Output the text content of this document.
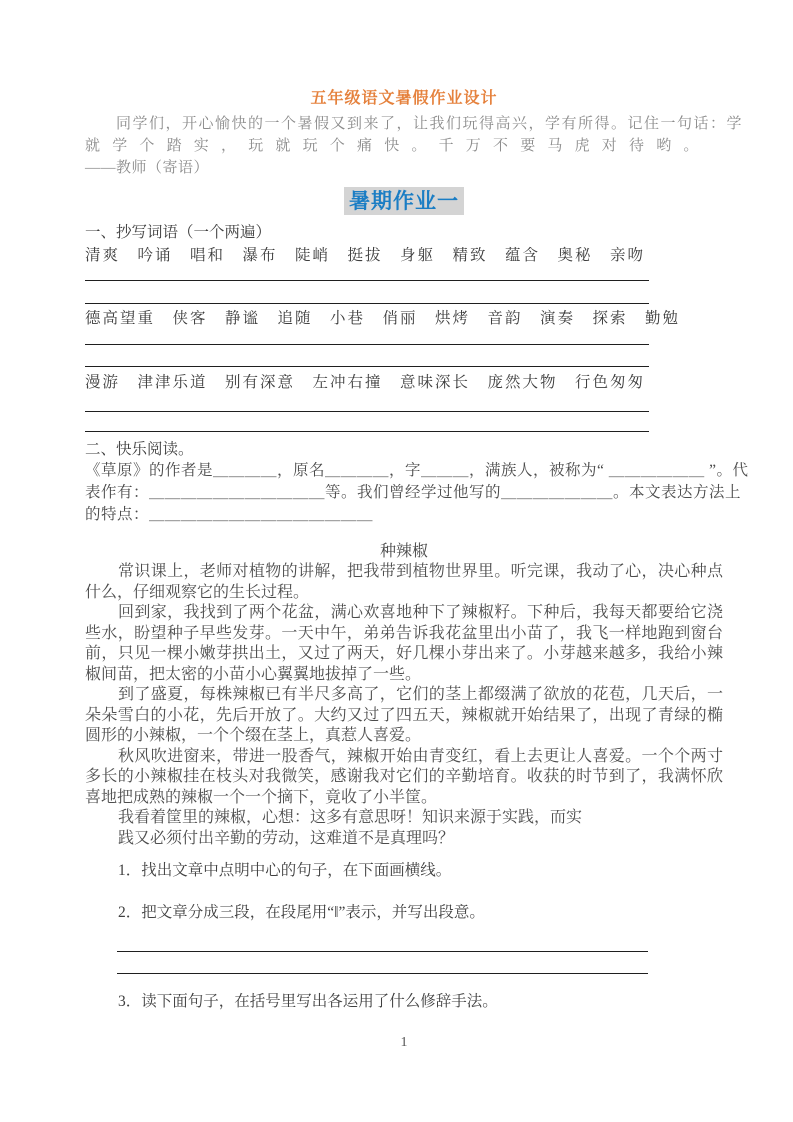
五年级语文暑假作业设计

同学们，开心愉快的一个暑假又到来了，让我们玩得高兴，学有所得。记住一句话：学

就学个踏实，玩就玩个痛快。千万不要马虎对待哟。

——教师（寄语）

暑期作业一

一、抄写词语（一个两遍）

清爽　吟诵　唱和　瀑布　陡峭　挺拔　身躯　精致　蕴含　奥秘　亲吻

德高望重　侠客　静谧　追随　小巷　俏丽　烘烤　音韵　演奏　探索　勤勉

漫游　津津乐道　别有深意　左冲右撞　意味深长　庞然大物　行色匆匆

二、快乐阅读。

《草原》的作者是＿＿＿＿，原名＿＿＿＿，字＿＿＿，满族人，被称为“ ＿＿＿＿＿＿ ”。代

表作有：＿＿＿＿＿＿＿＿＿＿＿等。我们曾经学过他写的＿＿＿＿＿＿＿。本文表达方法上

的特点：＿＿＿＿＿＿＿＿＿＿＿＿＿＿

种辣椒

常识课上，老师对植物的讲解，把我带到植物世界里。听完课，我动了心，决心种点什么，仔细观察它的生长过程。

回到家，我找到了两个花盆，满心欢喜地种下了辣椒籽。下种后，我每天都要给它浇些水，盼望种子早些发芽。一天中午，弟弟告诉我花盆里出小苗了，我飞一样地跑到窗台前，只见一棵小嫩芽拱出土，又过了两天，好几棵小芽出来了。小芽越来越多，我给小辣椒间苗，把太密的小苗小心翼翼地拔掉了一些。

到了盛夏，每株辣椒已有半尺多高了，它们的茎上都缀满了欲放的花苞，几天后，一朵朵雪白的小花，先后开放了。大约又过了四五天，辣椒就开始结果了，出现了青绿的椭圆形的小辣椒，一个个缀在茎上，真惹人喜爱。

秋风吹进窗来，带进一股香气，辣椒开始由青变红，看上去更让人喜爱。一个个两寸多长的小辣椒挂在枝头对我微笑，感谢我对它们的辛勤培育。收获的时节到了，我满怀欣喜地把成熟的辣椒一个一个摘下，竟收了小半筐。

我看着筐里的辣椒，心想：这多有意思呀！知识来源于实践，而实

践又必须付出辛勤的劳动，这难道不是真理吗？

1．找出文章中点明中心的句子，在下面画横线。

2．把文章分成三段，在段尾用“‖”表示，并写出段意。

3．读下面句子，在括号里写出各运用了什么修辞手法。

1
